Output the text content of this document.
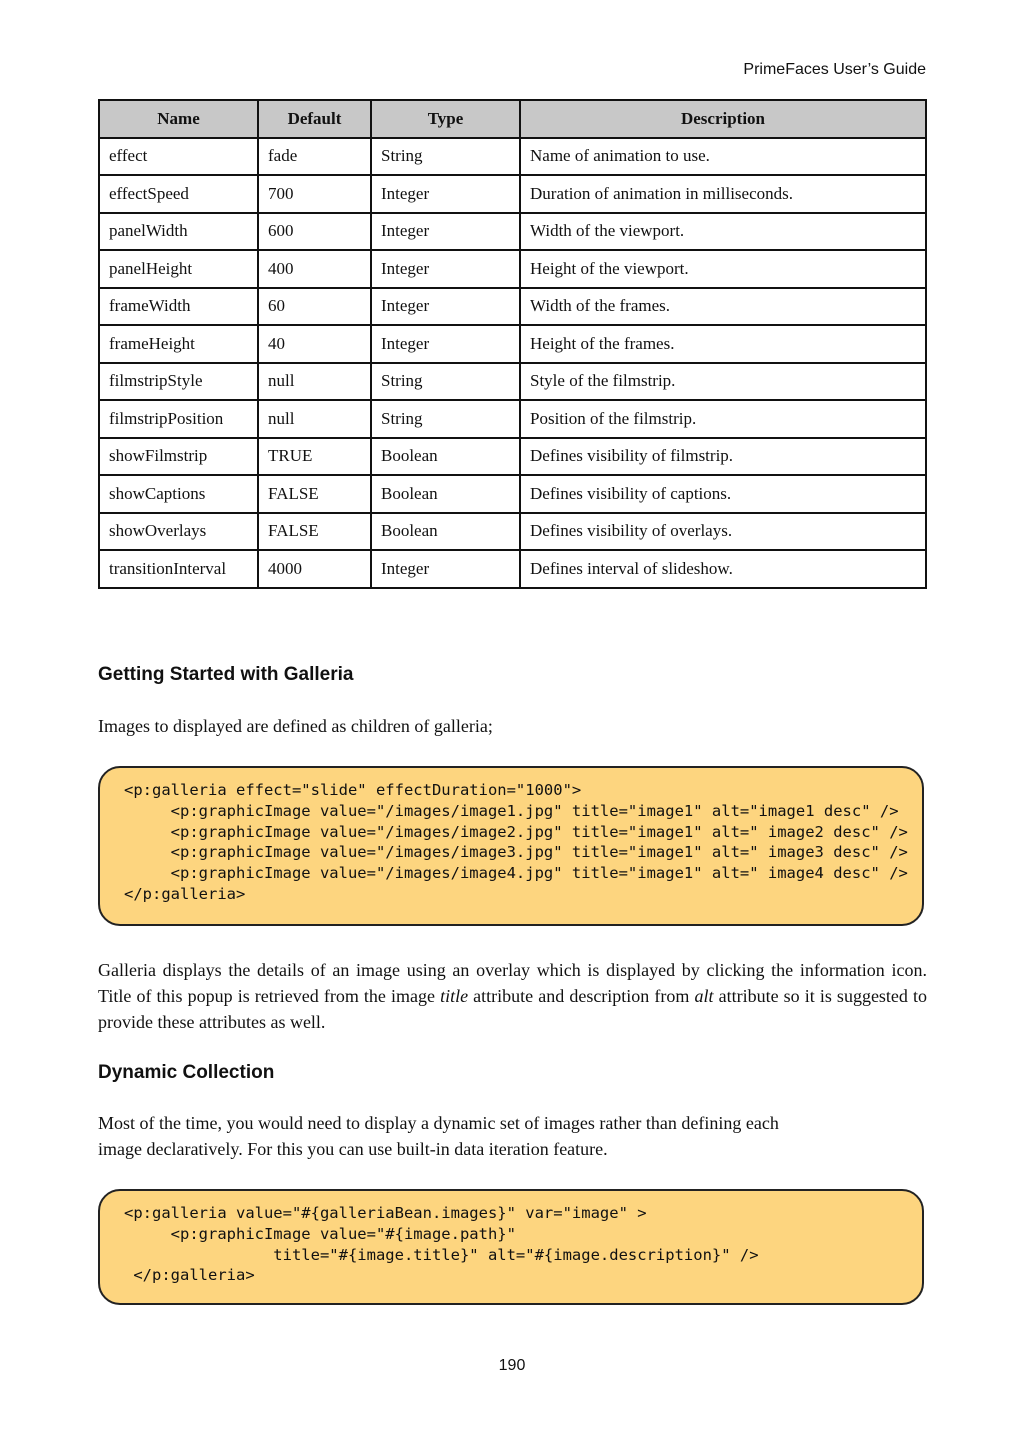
PrimeFaces User’s Guide
Name	Default	Type	Description
effect	fade	String	Name of animation to use.
effectSpeed	700	Integer	Duration of animation in milliseconds.
panelWidth	600	Integer	Width of the viewport.
panelHeight	400	Integer	Height of the viewport.
frameWidth	60	Integer	Width of the frames.
frameHeight	40	Integer	Height of the frames.
filmstripStyle	null	String	Style of the filmstrip.
filmstripPosition	null	String	Position of the filmstrip.
showFilmstrip	TRUE	Boolean	Defines visibility of filmstrip.
showCaptions	FALSE	Boolean	Defines visibility of captions.
showOverlays	FALSE	Boolean	Defines visibility of overlays.
transitionInterval	4000	Integer	Defines interval of slideshow.
Getting Started with Galleria

Images to displayed are defined as children of galleria;

<p:galleria effect="slide" effectDuration="1000">
<p:graphicImage value="/images/image1.jpg" title="image1" alt="image1 desc" />
<p:graphicImage value="/images/image2.jpg" title="image1" alt=" image2 desc" />
<p:graphicImage value="/images/image3.jpg" title="image1" alt=" image3 desc" />
<p:graphicImage value="/images/image4.jpg" title="image1" alt=" image4 desc" />
</p:galleria>

Galleria displays the details of an image using an overlay which is displayed by clicking the information icon. Title of this popup is retrieved from the image title attribute and description from alt attribute so it is suggested to provide these attributes as well.

Dynamic Collection

Most of the time, you would need to display a dynamic set of images rather than defining each
image declaratively. For this you can use built-in data iteration feature.

<p:galleria value="#{galleriaBean.images}" var="image" >
<p:graphicImage value="#{image.path}"
title="#{image.title}" alt="#{image.description}" />
</p:galleria>
190
